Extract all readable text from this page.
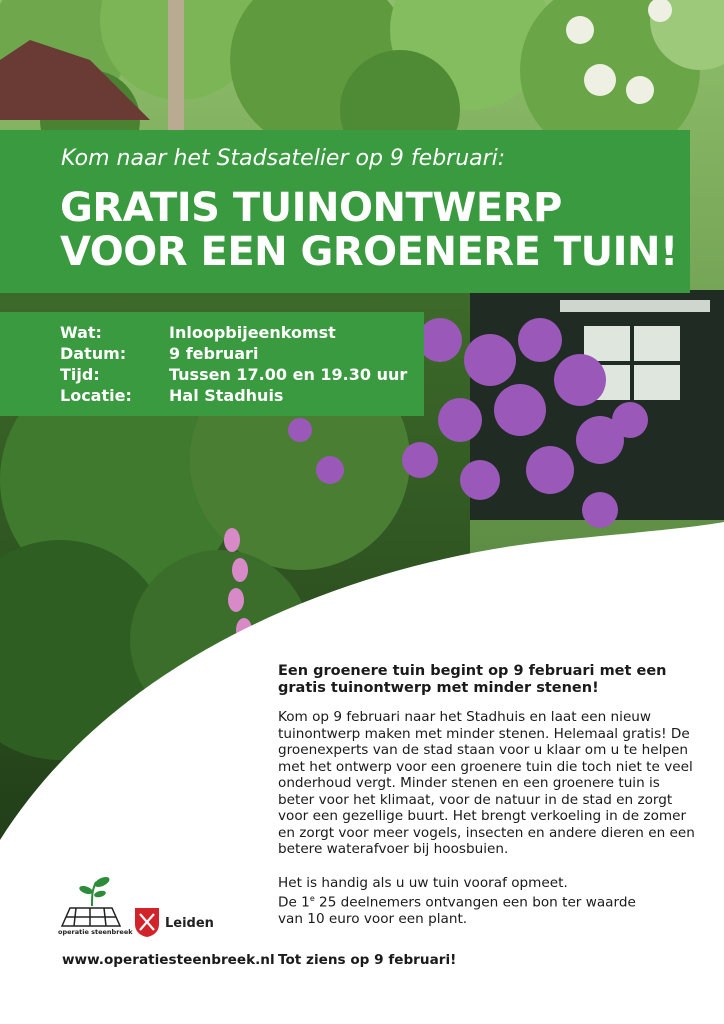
Kom naar het Stadsatelier op 9 februari:
GRATIS TUINONTWERP
VOOR EEN GROENERE TUIN!
Wat:	Inloopbijeenkomst
Datum:	9 februari
Tijd:	Tussen 17.00 en 19.30 uur
Locatie: Hal Stadhuis

Een groenere tuin begint op 9 februari met een gratis tuinontwerp met minder stenen!

Kom op 9 februari naar het Stadhuis en laat een nieuw tuinontwerp maken met minder stenen. Helemaal gratis! De groenexperts van de stad staan voor u klaar om u te helpen met het ontwerp voor een groenere tuin die toch niet te veel onderhoud vergt. Minder stenen en een groenere tuin is beter voor het klimaat, voor de natuur in de stad en zorgt voor een gezellige buurt. Het brengt verkoeling in de zomer en zorgt voor meer vogels, insecten en andere dieren en een betere waterafvoer bij hoosbuien.

Het is handig als u uw tuin vooraf opmeet.

De 1e 25 deelnemers ontvangen een bon ter waarde

van 10 euro voor een plant.

Tot ziens op 9 februari!
operatie steenbreek
Leiden
www.operatiesteenbreek.nl
